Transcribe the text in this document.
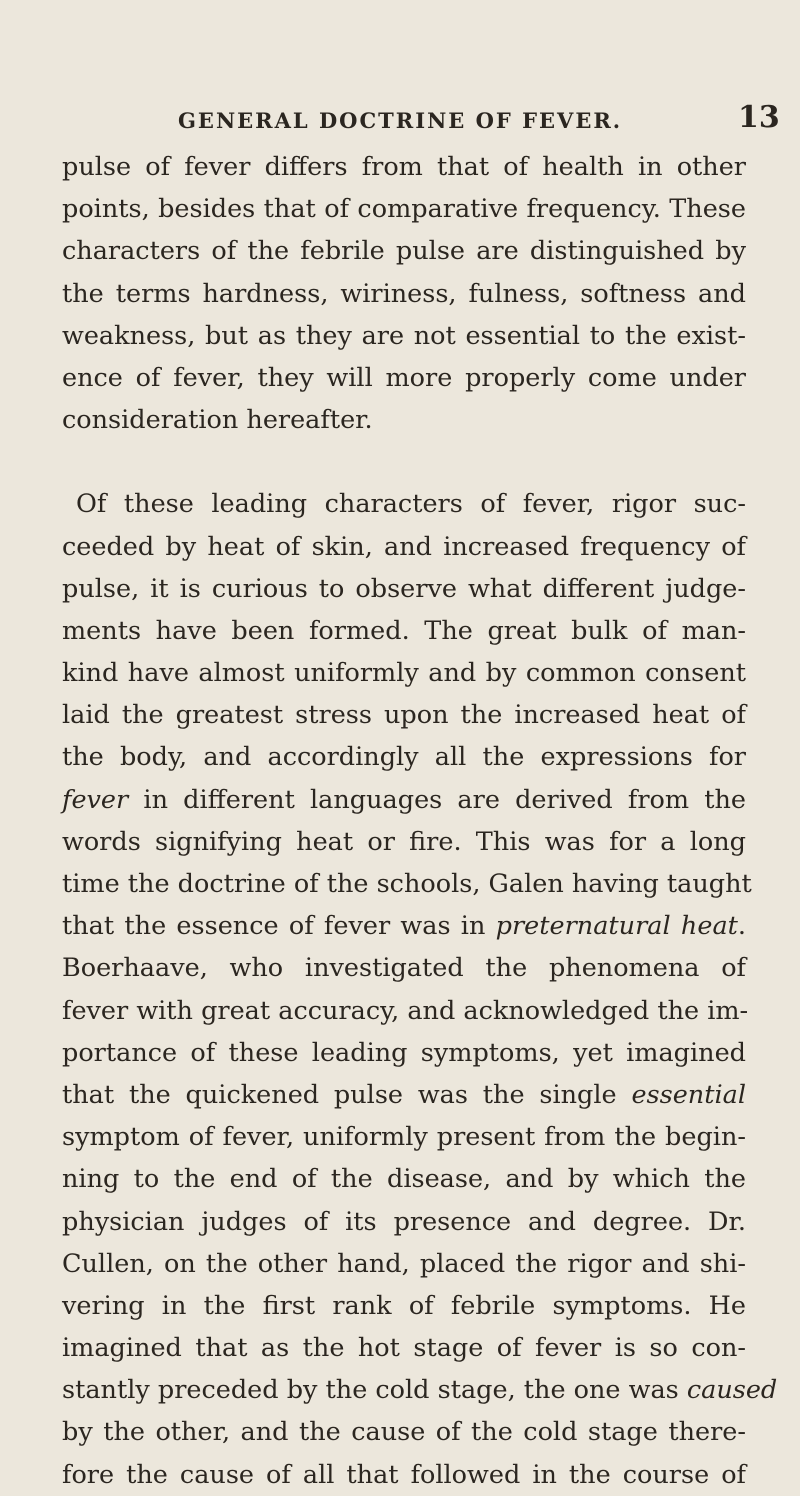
GENERAL DOCTRINE OF FEVER.	13
pulse of fever differs from that of health in other
points, besides that of comparative frequency. These
characters of the febrile pulse are distinguished by
the terms hardness, wiriness, fulness, softness and
weakness, but as they are not essential to the exist-
ence of fever, they will more properly come under
consideration hereafter.
Of these leading characters of fever, rigor suc-
ceeded by heat of skin, and increased frequency of
pulse, it is curious to observe what different judge-
ments have been formed. The great bulk of man-
kind have almost uniformly and by common consent
laid the greatest stress upon the increased heat of
the body, and accordingly all the expressions for
fever in different languages are derived from the
words signifying heat or fire. This was for a long
time the doctrine of the schools, Galen having taught
that the essence of fever was in preternatural heat.
Boerhaave, who investigated the phenomena of
fever with great accuracy, and acknowledged the im-
portance of these leading symptoms, yet imagined
that the quickened pulse was the single essential
symptom of fever, uniformly present from the begin-
ning to the end of the disease, and by which the
physician judges of its presence and degree. Dr.
Cullen, on the other hand, placed the rigor and shi-
vering in the first rank of febrile symptoms. He
imagined that as the hot stage of fever is so con-
stantly preceded by the cold stage, the one was caused
by the other, and the cause of the cold stage there-
fore the cause of all that followed in the course of
